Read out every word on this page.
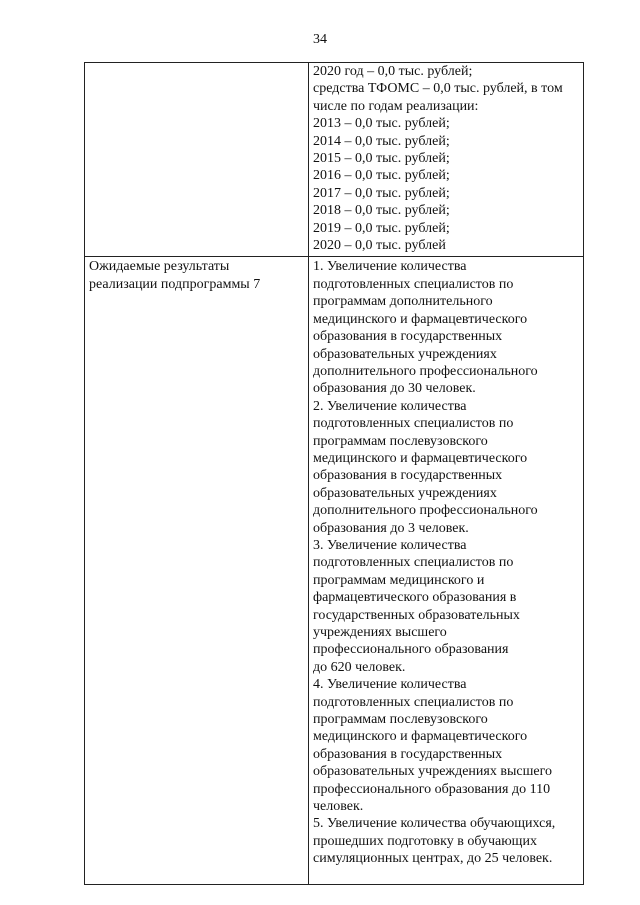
34
2020 год – 0,0 тыс. рублей;
средства ТФОМС – 0,0 тыс. рублей, в том
числе по годам реализации:
2013 – 0,0 тыс. рублей;
2014 – 0,0 тыс. рублей;
2015 – 0,0 тыс. рублей;
2016 – 0,0 тыс. рублей;
2017 – 0,0 тыс. рублей;
2018 – 0,0 тыс. рублей;
2019 – 0,0 тыс. рублей;
2020 – 0,0 тыс. рублей
Ожидаемые результаты
реализации подпрограммы 7
1. Увеличение количества
подготовленных специалистов по
программам дополнительного
медицинского и фармацевтического
образования в государственных
образовательных учреждениях
дополнительного профессионального
образования до 30 человек.
2. Увеличение количества
подготовленных специалистов по
программам послевузовского
медицинского и фармацевтического
образования в государственных
образовательных учреждениях
дополнительного профессионального
образования до 3 человек.
3. Увеличение количества
подготовленных специалистов по
программам медицинского и
фармацевтического образования в
государственных образовательных
учреждениях высшего
профессионального образования
до 620 человек.
4. Увеличение количества
подготовленных специалистов по
программам послевузовского
медицинского и фармацевтического
образования в государственных
образовательных учреждениях высшего
профессионального образования до 110
человек.
5. Увеличение количества обучающихся,
прошедших подготовку в обучающих
симуляционных центрах, до 25 человек.
